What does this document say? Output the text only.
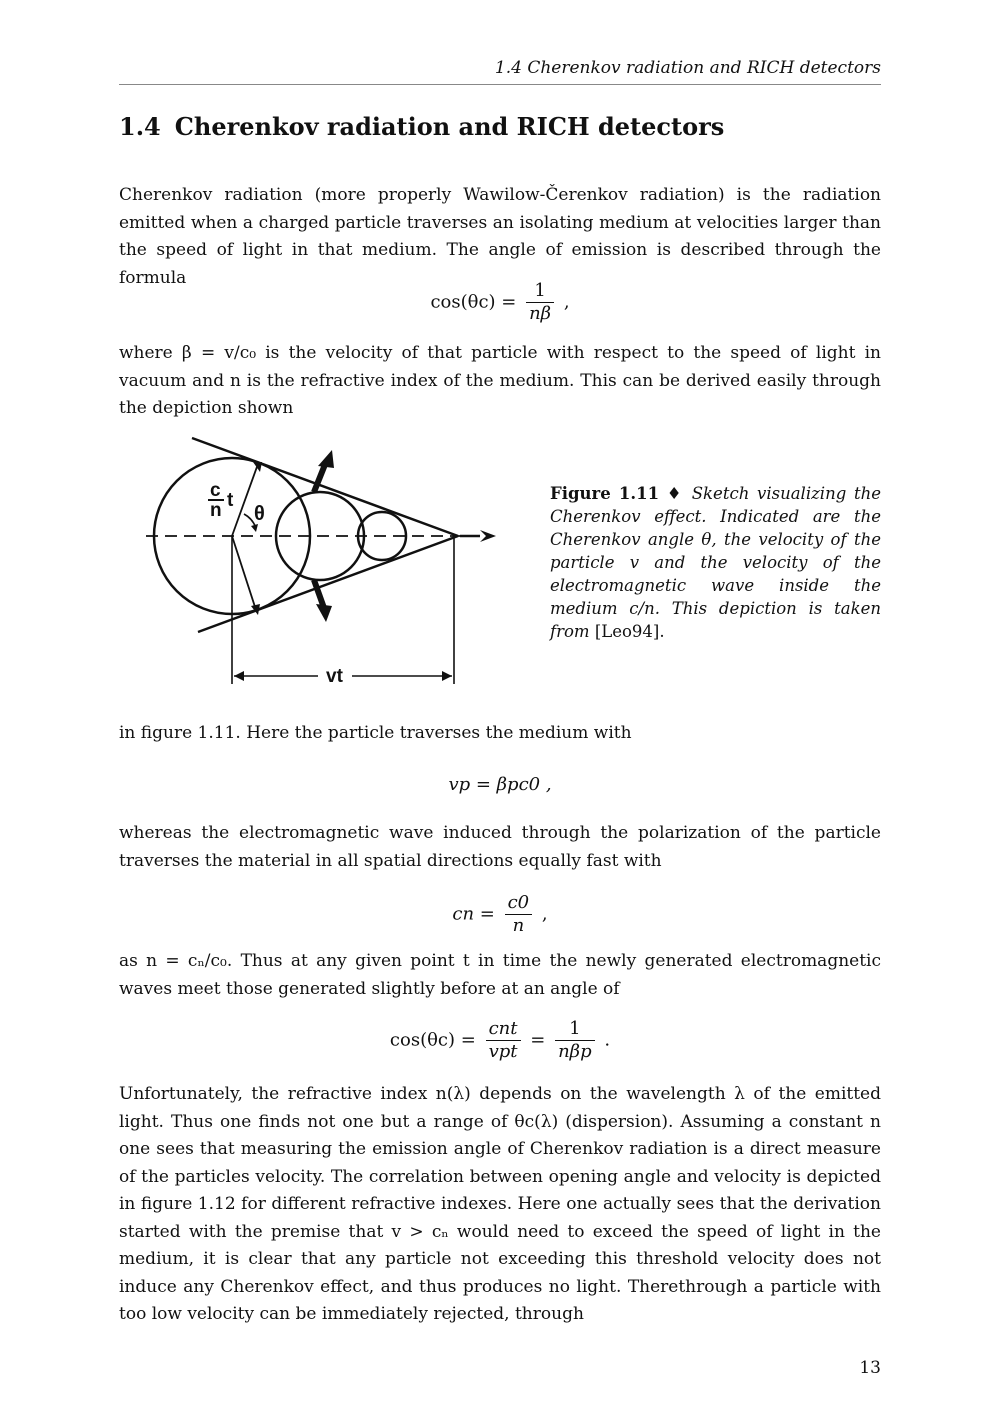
1.4 Cherenkov radiation and RICH detectors
1.4 Cherenkov radiation and RICH detectors

Cherenkov radiation (more properly Wawilow-Čerenkov radiation) is the radiation emitted when a charged particle traverses an isolating medium at velocities larger than the speed of light in that medium. The angle of emission is described through the formula

$\cos(\theta c) = \frac{1}{n\beta}$ ,

where β = v/c₀ is the velocity of that particle with respect to the speed of light in vacuum and n is the refractive index of the medium. This can be derived easily through the depiction shown

c
n t
θ
vt
Figure 1.11 ♦ Sketch visualizing the Cherenkov effect. Indicated are the Cherenkov angle θ, the velocity of the particle v and the velocity of the electromagnetic wave inside the medium c/n. This depiction is taken from [Leo94].

in figure 1.11. Here the particle traverses the medium with

vp = βpc0 ,

whereas the electromagnetic wave induced through the polarization of the particle traverses the material in all spatial directions equally fast with

cn = $\frac{c0}{n}$ ,

as n = cₙ/c₀. Thus at any given point t in time the newly generated electromagnetic waves meet those generated slightly before at an angle of

$\cos(\theta c) = \frac{\text{cnt}}{\text{vpt}} = \frac{1}{\text{nβp}}$ .

Unfortunately, the refractive index n(λ) depends on the wavelength λ of the emitted light. Thus one finds not one but a range of θc(λ) (dispersion). Assuming a constant n one sees that measuring the emission angle of Cherenkov radiation is a direct measure of the particles velocity. The correlation between opening angle and velocity is depicted in figure 1.12 for different refractive indexes. Here one actually sees that the derivation started with the premise that v > cₙ would need to exceed the speed of light in the medium, it is clear that any particle not exceeding this threshold velocity does not induce any Cherenkov effect, and thus produces no light. Therethrough a particle with too low velocity can be immediately rejected, through

13
